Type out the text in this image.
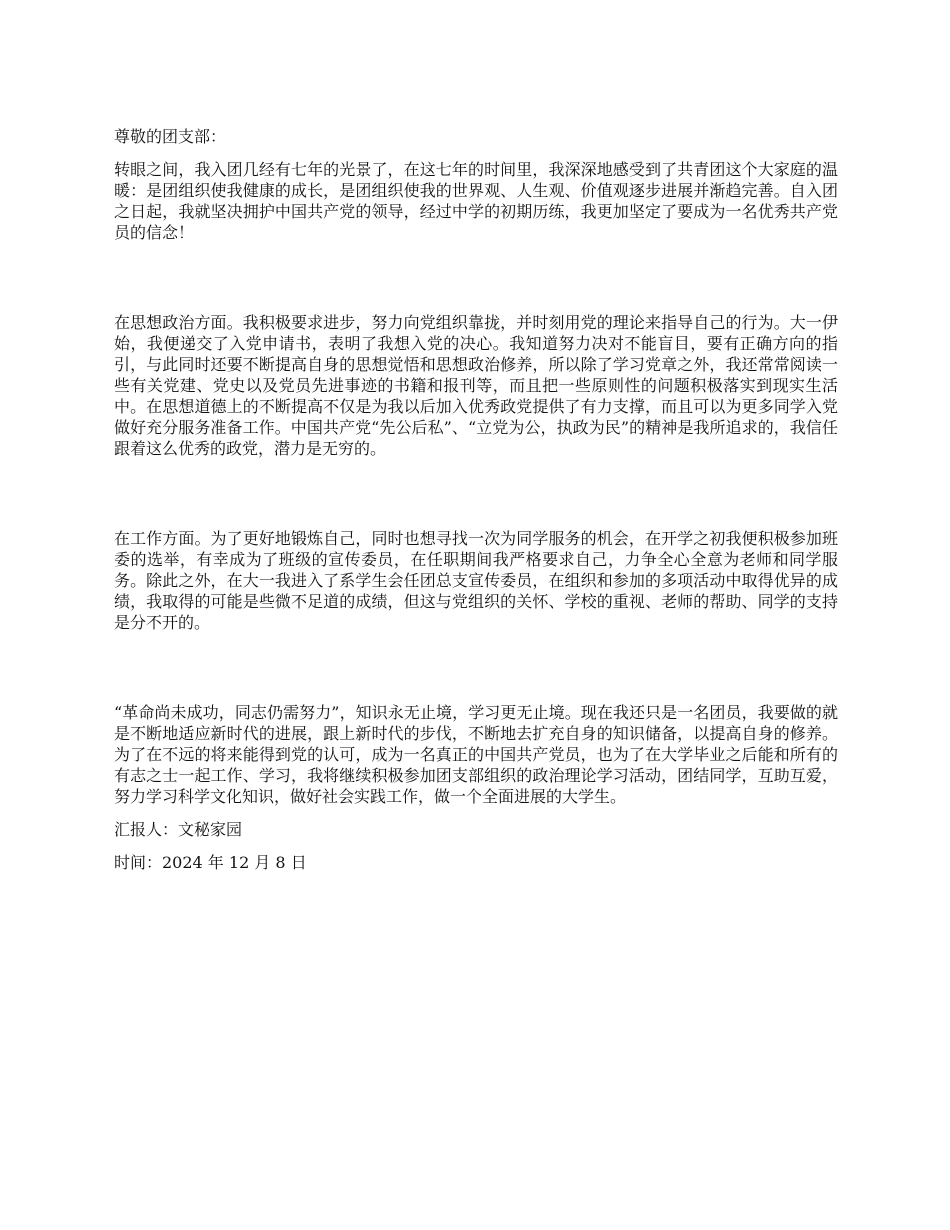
尊敬的团支部：

转眼之间，我入团几经有七年的光景了，在这七年的时间里，我深深地感受到了共青团这个大家庭的温暖：是团组织使我健康的成长，是团组织使我的世界观、人生观、价值观逐步进展并渐趋完善。自入团之日起，我就坚决拥护中国共产党的领导，经过中学的初期历练，我更加坚定了要成为一名优秀共产党员的信念！

在思想政治方面。我积极要求进步，努力向党组织靠拢，并时刻用党的理论来指导自己的行为。大一伊始，我便递交了入党申请书，表明了我想入党的决心。我知道努力决对不能盲目，要有正确方向的指引，与此同时还要不断提高自身的思想觉悟和思想政治修养，所以除了学习党章之外，我还常常阅读一些有关党建、党史以及党员先进事迹的书籍和报刊等，而且把一些原则性的问题积极落实到现实生活中。在思想道德上的不断提高不仅是为我以后加入优秀政党提供了有力支撑，而且可以为更多同学入党做好充分服务准备工作。中国共产党“先公后私”、“立党为公，执政为民”的精神是我所追求的，我信任跟着这么优秀的政党，潜力是无穷的。

在工作方面。为了更好地锻炼自己，同时也想寻找一次为同学服务的机会，在开学之初我便积极参加班委的选举，有幸成为了班级的宣传委员，在任职期间我严格要求自己，力争全心全意为老师和同学服务。除此之外，在大一我进入了系学生会任团总支宣传委员，在组织和参加的多项活动中取得优异的成绩，我取得的可能是些微不足道的成绩，但这与党组织的关怀、学校的重视、老师的帮助、同学的支持是分不开的。

“革命尚未成功，同志仍需努力”，知识永无止境，学习更无止境。现在我还只是一名团员，我要做的就是不断地适应新时代的进展，跟上新时代的步伐，不断地去扩充自身的知识储备，以提高自身的修养。为了在不远的将来能得到党的认可，成为一名真正的中国共产党员，也为了在大学毕业之后能和所有的有志之士一起工作、学习，我将继续积极参加团支部组织的政治理论学习活动，团结同学，互助互爱，努力学习科学文化知识，做好社会实践工作，做一个全面进展的大学生。

汇报人：文秘家园

时间：2024 年 12 月 8 日
